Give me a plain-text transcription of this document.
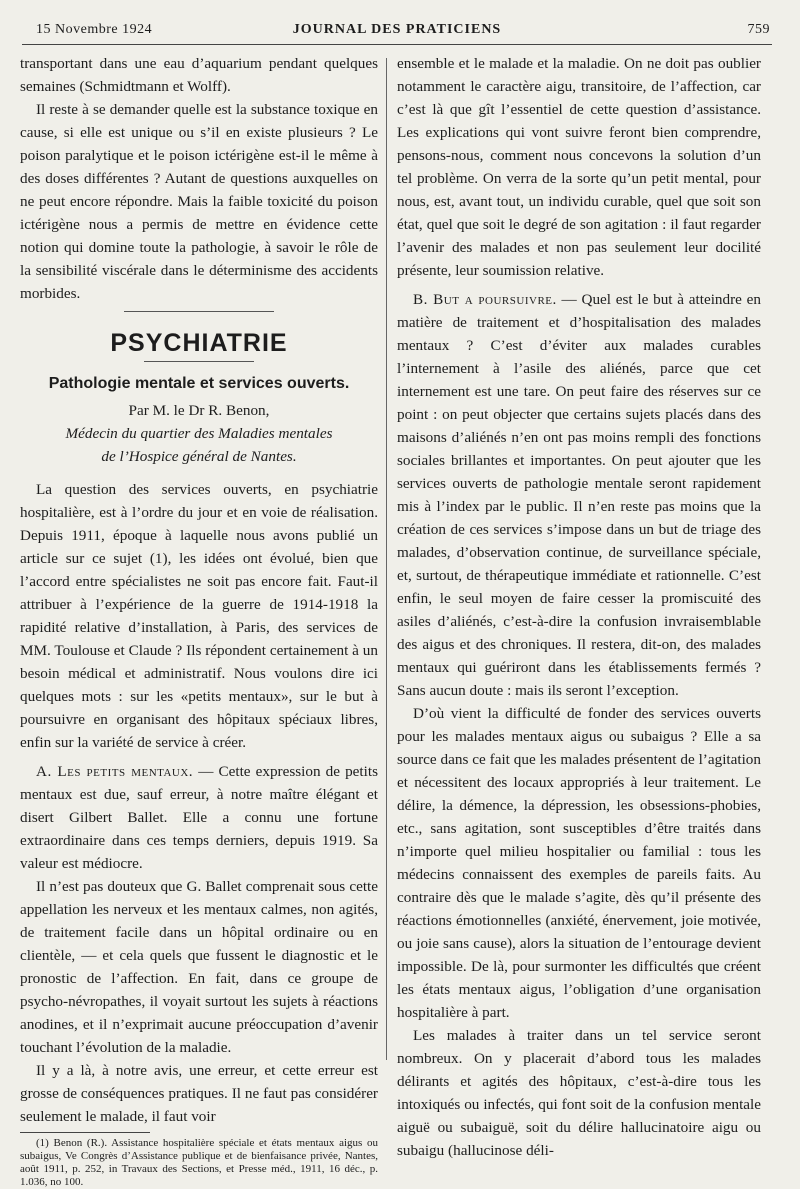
15 Novembre 1924	JOURNAL DES PRATICIENS	759

transportant dans une eau d’aquarium pendant quelques semaines (Schmidtmann et Wolff).

Il reste à se demander quelle est la substance toxique en cause, si elle est unique ou s’il en existe plusieurs ? Le poison paralytique et le poison ictérigène est-il le même à des doses différentes ? Autant de questions auxquelles on ne peut encore répondre. Mais la faible toxicité du poison ictérigène nous a permis de mettre en évidence cette notion qui domine toute la pathologie, à savoir le rôle de la sensibilité viscérale dans le déterminisme des accidents morbides.

PSYCHIATRIE
Pathologie mentale et services ouverts.

Par M. le Dr R. Benon,

Médecin du quartier des Maladies mentales

de l’Hospice général de Nantes.

La question des services ouverts, en psychiatrie hospitalière, est à l’ordre du jour et en voie de réalisation. Depuis 1911, époque à laquelle nous avons publié un article sur ce sujet (1), les idées ont évolué, bien que l’accord entre spécialistes ne soit pas encore fait. Faut-il attribuer à l’expérience de la guerre de 1914-1918 la rapidité relative d’installation, à Paris, des services de MM. Toulouse et Claude ? Ils répondent certainement à un besoin médical et administratif. Nous voulons dire ici quelques mots : sur les «petits mentaux», sur le but à poursuivre en organisant des hôpitaux spéciaux libres, enfin sur la variété de service à créer.

A. Les petits mentaux. — Cette expression de petits mentaux est due, sauf erreur, à notre maître élégant et disert Gilbert Ballet. Elle a connu une fortune extraordinaire dans ces temps derniers, depuis 1919. Sa valeur est médiocre.

Il n’est pas douteux que G. Ballet comprenait sous cette appellation les nerveux et les mentaux calmes, non agités, de traitement facile dans un hôpital ordinaire ou en clientèle, — et cela quels que fussent le diagnostic et le pronostic de l’affection. En fait, dans ce groupe de psycho-névropathes, il voyait surtout les sujets à réactions anodines, et il n’exprimait aucune préoccupation d’avenir touchant l’évolution de la maladie.

Il y a là, à notre avis, une erreur, et cette erreur est grosse de conséquences pratiques. Il ne faut pas considérer seulement le malade, il faut voir

(1) Benon (R.). Assistance hospitalière spéciale et états mentaux aigus ou subaigus, Ve Congrès d’Assistance publique et de bienfaisance privée, Nantes, août 1911, p. 252, in Travaux des Sections, et Presse méd., 1911, 16 déc., p. 1.036, no 100.

ensemble et le malade et la maladie. On ne doit pas oublier notamment le caractère aigu, transitoire, de l’affection, car c’est là que gît l’essentiel de cette question d’assistance. Les explications qui vont suivre feront bien comprendre, pensons-nous, comment nous concevons la solution d’un tel problème. On verra de la sorte qu’un petit mental, pour nous, est, avant tout, un individu curable, quel que soit son état, quel que soit le degré de son agitation : il faut regarder l’avenir des malades et non pas seulement leur docilité présente, leur soumission relative.

B. But a poursuivre. — Quel est le but à atteindre en matière de traitement et d’hospitalisation des malades mentaux ? C’est d’éviter aux malades curables l’internement à l’asile des aliénés, parce que cet internement est une tare. On peut faire des réserves sur ce point : on peut objecter que certains sujets placés dans des maisons d’aliénés n’en ont pas moins rempli des fonctions sociales brillantes et importantes. On peut ajouter que les services ouverts de pathologie mentale seront rapidement mis à l’index par le public. Il n’en reste pas moins que la création de ces services s’impose dans un but de triage des malades, d’observation continue, de surveillance spéciale, et, surtout, de thérapeutique immédiate et rationnelle. C’est enfin, le seul moyen de faire cesser la promiscuité des asiles d’aliénés, c’est-à-dire la confusion invraisemblable des aigus et des chroniques. Il restera, dit-on, des malades mentaux qui guériront dans les établissements fermés ? Sans aucun doute : mais ils seront l’exception.

D’où vient la difficulté de fonder des services ouverts pour les malades mentaux aigus ou subaigus ? Elle a sa source dans ce fait que les malades présentent de l’agitation et nécessitent des locaux appropriés à leur traitement. Le délire, la démence, la dépression, les obsessions-phobies, etc., sans agitation, sont susceptibles d’être traités dans n’importe quel milieu hospitalier ou familial : tous les médecins connaissent des exemples de pareils faits. Au contraire dès que le malade s’agite, dès qu’il présente des réactions émotionnelles (anxiété, énervement, joie motivée, ou joie sans cause), alors la situation de l’entourage devient impossible. De là, pour surmonter les difficultés que créent les états mentaux aigus, l’obligation d’une organisation hospitalière à part.

Les malades à traiter dans un tel service seront nombreux. On y placerait d’abord tous les malades délirants et agités des hôpitaux, c’est-à-dire tous les intoxiqués ou infectés, qui font soit de la confusion mentale aiguë ou subaiguë, soit du délire hallucinatoire aigu ou subaigu (hallucinose déli-
